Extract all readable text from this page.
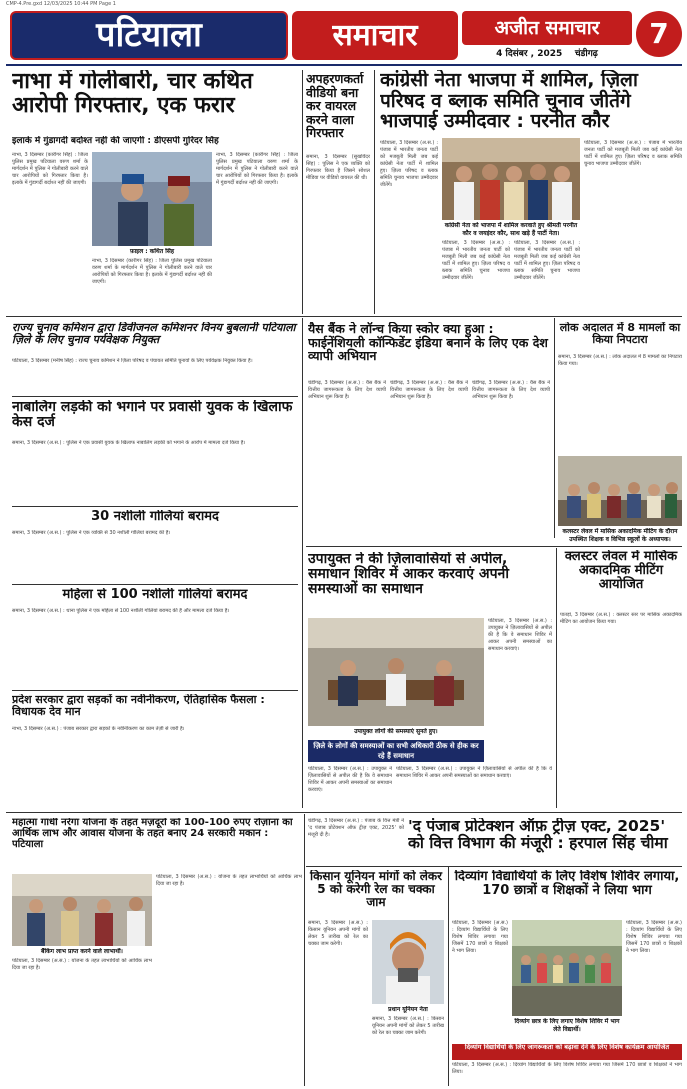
CMP-4.Pre.gxd 12/03/2025 10:44 PM Page 1
पटियाला	समाचार	अजीत समाचार
4 दिसंबर , 2025 चंडीगढ़
7
नाभा में गोलीबारी, चार कथित आरोपी गिरफ्तार, एक फरार
इलाके में गुंडागर्दी बर्दाश्त नहीं की जाएगी : डीएसपी गुरिंदर सिंह
नाभा, 3 दिसम्बर (कारीगर सिंह) : जिला पुलिस प्रमुख पटियाला वरुण शर्मा के मार्गदर्शन में पुलिस ने गोलीबारी करने वाले चार आरोपियों को गिरफ्तार किया है। इलाके में गुंडागर्दी बर्दाश्त नहीं की जाएगी।
नाभा, 3 दिसम्बर (कारीगर सिंह) : जिला पुलिस प्रमुख पटियाला वरुण शर्मा के मार्गदर्शन में पुलिस ने गोलीबारी करने वाले चार आरोपियों को गिरफ्तार किया है। इलाके में गुंडागर्दी बर्दाश्त नहीं की जाएगी।
फ़ाइल : कथित सिंह
नाभा, 3 दिसम्बर (कारीगर सिंह) : जिला पुलिस प्रमुख पटियाला वरुण शर्मा के मार्गदर्शन में पुलिस ने गोलीबारी करने वाले चार आरोपियों को गिरफ्तार किया है। इलाके में गुंडागर्दी बर्दाश्त नहीं की जाएगी।
अपहरणकर्ता वीडियो बना कर वायरल करने वाला गिरफ्तार
समाना, 3 दिसम्बर (सुखविंदर सिंह) : पुलिस ने एक व्यक्ति को गिरफ्तार किया है जिसने सोशल मीडिया पर वीडियो वायरल की थी।
कांग्रेसी नेता भाजपा में शामिल, ज़िला परिषद व ब्लाक समिति चुनाव जीतेंगे भाजपाई उम्मीदवार : परनीत कौर
पटियाला, 3 दिसम्बर (अ.स.) : पंजाब में भारतीय जनता पार्टी को मजबूती मिली जब कई कांग्रेसी नेता पार्टी में शामिल हुए। ज़िला परिषद व ब्लाक समिति चुनाव भाजपा उम्मीदवार जीतेंगे।
कांग्रेसी नेता को भाजपा में शामिल करवाते हुए श्रीमती परनीत कौर व जयइंदर कौर, साथ खड़े हैं पार्टी नेता।
पटियाला, 3 दिसम्बर (अ.स.) : पंजाब में भारतीय जनता पार्टी को मजबूती मिली जब कई कांग्रेसी नेता पार्टी में शामिल हुए। ज़िला परिषद व ब्लाक समिति चुनाव भाजपा उम्मीदवार जीतेंगे।
पटियाला, 3 दिसम्बर (अ.स.) : पंजाब में भारतीय जनता पार्टी को मजबूती मिली जब कई कांग्रेसी नेता पार्टी में शामिल हुए। ज़िला परिषद व ब्लाक समिति चुनाव भाजपा उम्मीदवार जीतेंगे।
पटियाला, 3 दिसम्बर (अ.स.) : पंजाब में भारतीय जनता पार्टी को मजबूती मिली जब कई कांग्रेसी नेता पार्टी में शामिल हुए। ज़िला परिषद व ब्लाक समिति चुनाव भाजपा उम्मीदवार जीतेंगे।
राज्य चुनाव कमिशन द्वारा डिवीजनल कमिशनर विनय बुबलानी पटियाला ज़िले के लिए चुनाव पर्यवेक्षक नियुक्त
पटियाला, 3 दिसम्बर (मनीष सिंह) : राज्य चुनाव कमिशन ने ज़िला परिषद व पंचायत समिति चुनावों के लिए पर्यवेक्षक नियुक्त किया है।
नाबालिग लड़की को भगाने पर प्रवासी युवक के खिलाफ केस दर्ज
समाना, 3 दिसम्बर (अ.स.) : पुलिस ने एक प्रवासी युवक के खिलाफ नाबालिग लड़की को भगाने के आरोप में मामला दर्ज किया है।
30 नशीली गोलियां बरामद
समाना, 3 दिसम्बर (अ.स.) : पुलिस ने एक व्यक्ति से 30 नशीली गोलियां बरामद की हैं।
महिला से 100 नशीली गोलियां बरामद
समाना, 3 दिसम्बर (अ.स.) : थाना पुलिस ने एक महिला से 100 नशीली गोलियां बरामद की हैं और मामला दर्ज किया है।
प्रदेश सरकार द्वारा सड़कों का नवीनीकरण, ऐतिहासिक फैसला : विधायक देव मान
नाभा, 3 दिसम्बर (अ.स.) : पंजाब सरकार द्वारा सड़कों के नवीनीकरण का काम तेज़ी से जारी है।
यैस बैंक ने लॉन्च किया स्कोर क्या हुआ : फाईनेंशियली कॉन्फिडेंट इंडिया बनाने के लिए एक देश व्यापी अभियान
चंडीगढ़, 3 दिसम्बर (अ.स.) : यैस बैंक ने वित्तीय जागरूकता के लिए देश व्यापी अभियान शुरू किया है।
चंडीगढ़, 3 दिसम्बर (अ.स.) : यैस बैंक ने वित्तीय जागरूकता के लिए देश व्यापी अभियान शुरू किया है।
चंडीगढ़, 3 दिसम्बर (अ.स.) : यैस बैंक ने वित्तीय जागरूकता के लिए देश व्यापी अभियान शुरू किया है।
लोक अदालत में 8 मामलों का किया निपटारा
समाना, 3 दिसम्बर (अ.स.) : लोक अदालत में 8 मामलों का निपटारा किया गया।
कलस्टर लेवल में मासिक अकादमिक मीटिंग के दौरान उपस्थित शिक्षक व विभिन्न स्कूलों के अध्यापक।
क्लस्टर लेवल में मासिक अकादमिक मीटिंग आयोजित
पातड़ां, 3 दिसम्बर (अ.स.) : क्लस्टर स्तर पर मासिक अकादमिक मीटिंग का आयोजन किया गया।
उपायुक्त ने की ज़िलावासियों से अपील, समाधान शिविर में आकर करवाएं अपनी समस्याओं का समाधान
उपायुक्त लोगों की समस्याएं सुनते हुए।
पटियाला, 3 दिसम्बर (अ.स.) : उपायुक्त ने ज़िलावासियों से अपील की है कि वे समाधान शिविर में आकर अपनी समस्याओं का समाधान करवाएं।
ज़िले के लोगों की समस्याओं का सभी अधिकारी ठीक से हीक कर रहे हैं समाधान
पटियाला, 3 दिसम्बर (अ.स.) : उपायुक्त ने ज़िलावासियों से अपील की है कि वे समाधान शिविर में आकर अपनी समस्याओं का समाधान करवाएं।
पटियाला, 3 दिसम्बर (अ.स.) : उपायुक्त ने ज़िलावासियों से अपील की है कि वे समाधान शिविर में आकर अपनी समस्याओं का समाधान करवाएं।
'द पंजाब प्रोटेक्शन ऑफ़ ट्रीज़ एक्ट, 2025' को वित्त विभाग की मंजूरी : हरपाल सिंह चीमा
महात्मा गांधी नरेगा योजना के तहत मज़दूरों को 100-100 रुपए रोज़ाना का आर्थिक लाभ और आवास योजना के तहत बनाए 24 सरकारी मकान : पटियाला
बैंकिंग लाभ प्राप्त करने वाले लाभार्थी।
पटियाला, 3 दिसम्बर (अ.स.) : योजना के तहत लाभार्थियों को आर्थिक लाभ दिया जा रहा है।
पटियाला, 3 दिसम्बर (अ.स.) : योजना के तहत लाभार्थियों को आर्थिक लाभ दिया जा रहा है।
किसान यूनियन मांगों को लेकर 5 को करेगी रेल का चक्का जाम
समाना, 3 दिसम्बर (अ.स.) : किसान यूनियन अपनी मांगों को लेकर 5 तारीख को रेल का चक्का जाम करेगी।
प्रधान यूनियन नेता
समाना, 3 दिसम्बर (अ.स.) : किसान यूनियन अपनी मांगों को लेकर 5 तारीख को रेल का चक्का जाम करेगी।
चंडीगढ़, 3 दिसम्बर (अ.स.) : पंजाब के वित्त मंत्री ने 'द पंजाब प्रोटेक्शन ऑफ़ ट्रीज़ एक्ट, 2025' को मंजूरी दी है।
दिव्यांग विद्यार्थियों के लिए विशेष शिविर लगाया, 170 छात्रों व शिक्षकों ने लिया भाग
पटियाला, 3 दिसम्बर (अ.स.) : दिव्यांग विद्यार्थियों के लिए विशेष शिविर लगाया गया जिसमें 170 छात्रों व शिक्षकों ने भाग लिया।
दिव्यांग छात्र के लिए लगाए विशेष शिविर में भाग लेते विद्यार्थी।
पटियाला, 3 दिसम्बर (अ.स.) : दिव्यांग विद्यार्थियों के लिए विशेष शिविर लगाया गया जिसमें 170 छात्रों व शिक्षकों ने भाग लिया।
दिव्यांग विद्यार्थियों के लिए जागरूकता को बढ़ावा देने के लिए विशेष कार्यक्रम आयोजित
पटियाला, 3 दिसम्बर (अ.स.) : दिव्यांग विद्यार्थियों के लिए विशेष शिविर लगाया गया जिसमें 170 छात्रों व शिक्षकों ने भाग लिया।
